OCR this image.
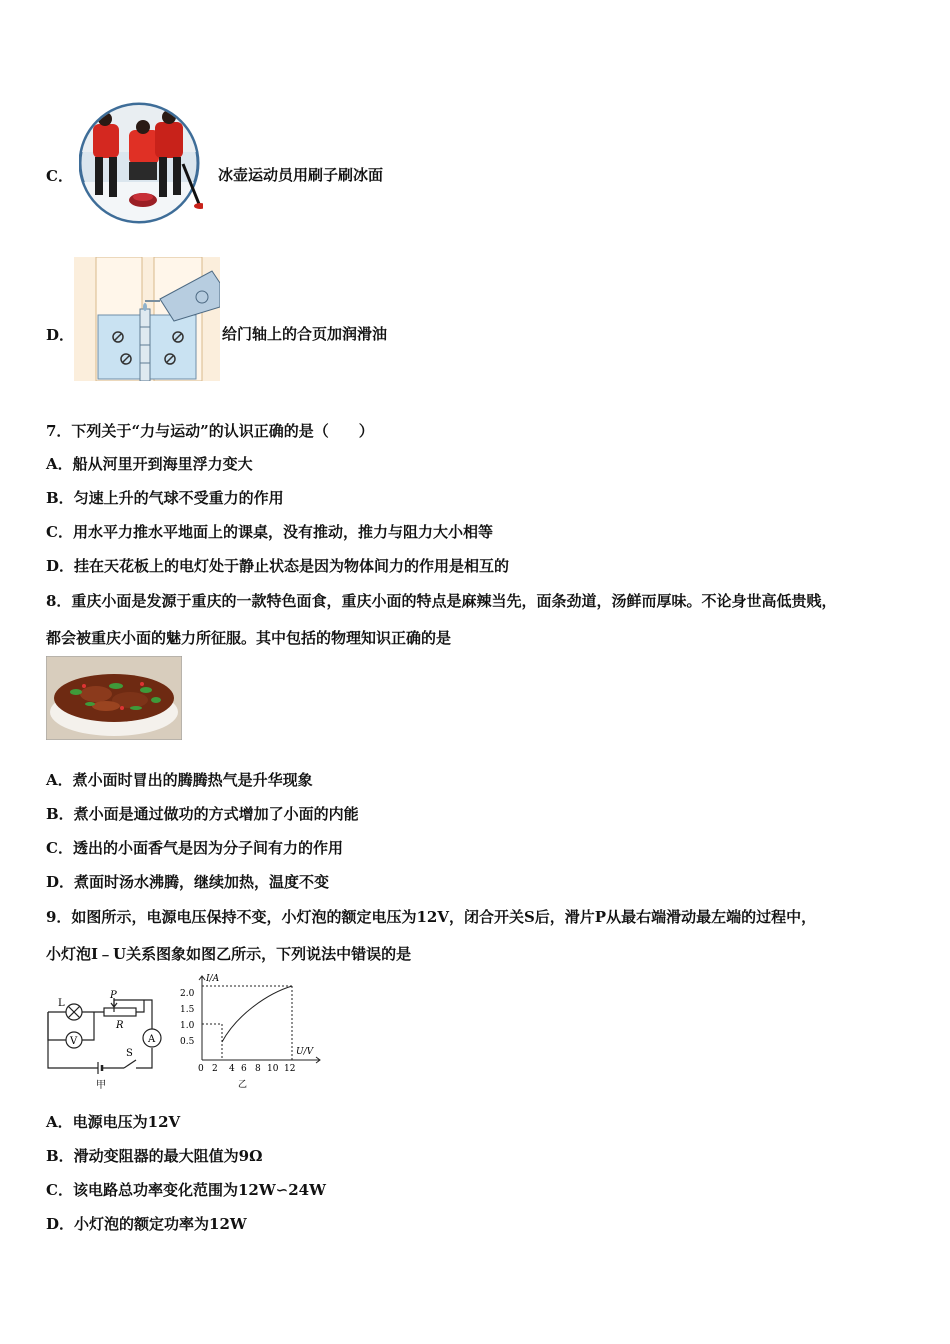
C．	冰壶运动员用刷子刷冰面
D．	给门轴上的合页加润滑油
7．下列关于“力与运动”的认识正确的是（　　）
A．船从河里开到海里浮力变大
B．匀速上升的气球不受重力的作用
C．用水平力推水平地面上的课桌，没有推动，推力与阻力大小相等
D．挂在天花板上的电灯处于静止状态是因为物体间力的作用是相互的
8．重庆小面是发源于重庆的一款特色面食，重庆小面的特点是麻辣当先，面条劲道，汤鲜而厚味。不论身世高低贵贱，
都会被重庆小面的魅力所征服。其中包括的物理知识正确的是
A．煮小面时冒出的腾腾热气是升华现象
B．煮小面是通过做功的方式增加了小面的内能
C．透出的小面香气是因为分子间有力的作用
D．煮面时汤水沸腾，继续加热，温度不变
9．如图所示，电源电压保持不变，小灯泡的额定电压为12V，闭合开关S后，滑片P从最右端滑动最左端的过程中，
小灯泡I﹣U关系图象如图乙所示，下列说法中错误的是
L
P
R
A
V
S
甲
I/A
U/V
2.0
1.5
1.0
0.5
0 2 4 6 8 10 12
乙
A．电源电压为12V
B．滑动变阻器的最大阻值为9Ω
C．该电路总功率变化范围为12W∽24W
D．小灯泡的额定功率为12W
